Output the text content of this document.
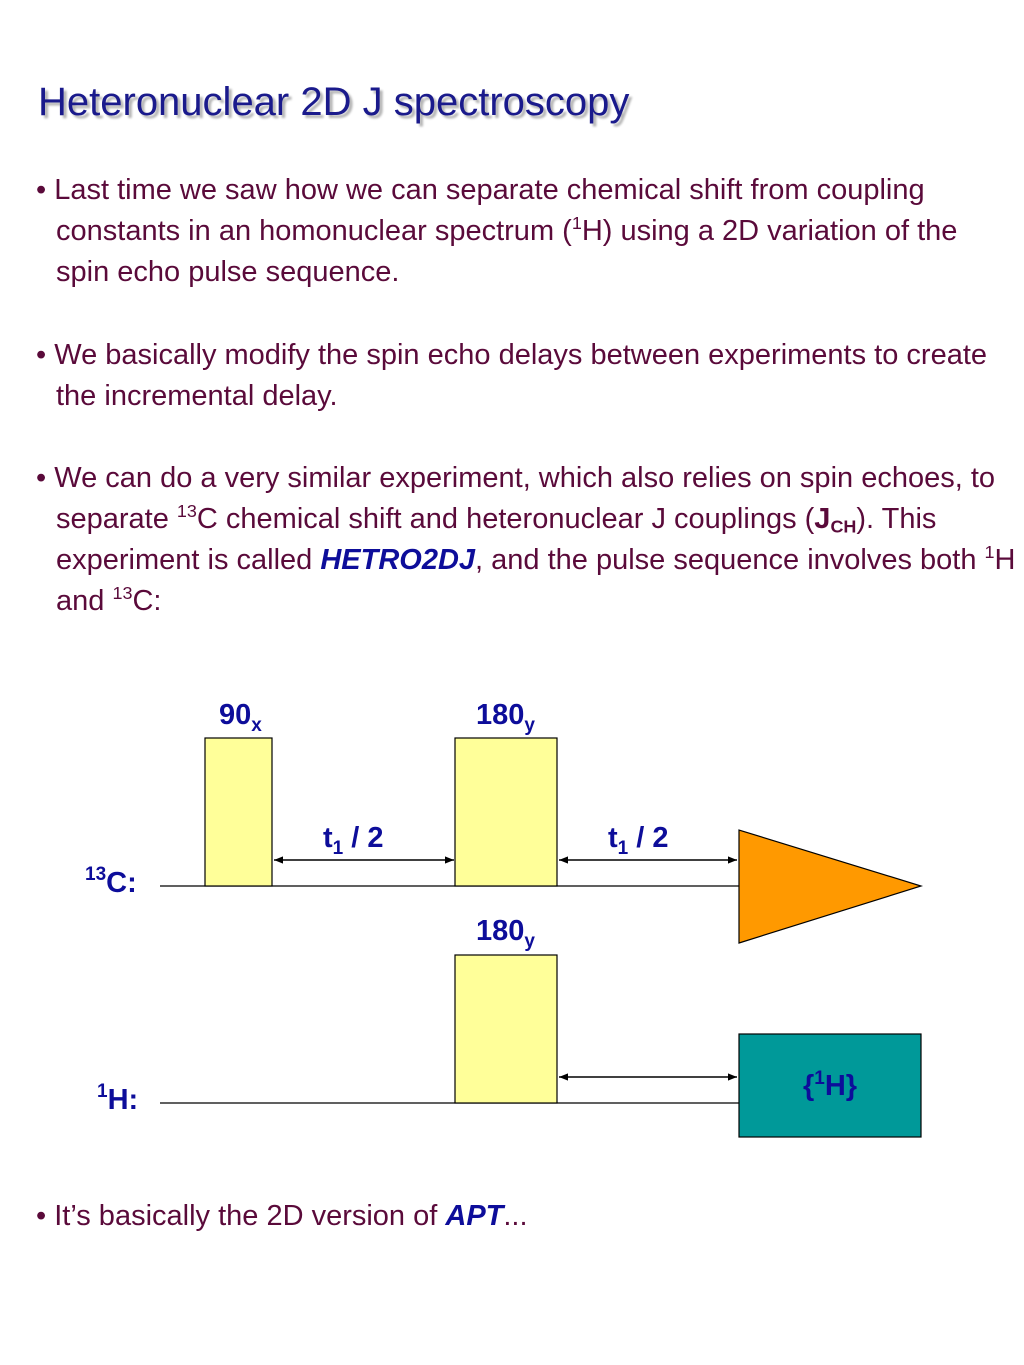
Heteronuclear 2D J spectroscopy

• Last time we saw how we can separate chemical shift from coupling constants in an homonuclear spectrum ($^1$H) using a 2D variation of the spin echo pulse sequence.

• We basically modify the spin echo delays between experiments to create the incremental delay.

• We can do a very similar experiment, which also relies on spin echoes, to separate $^{13}$C chemical shift and heteronuclear J couplings $(J_{CH})$. This experiment is called HETRO2DJ, and the pulse sequence involves both $^1$H and $^{13}$C:

$90_x$	$180_y$
$180_y$
$t_1 / 2$	$t_1 / 2$
$^{13}$C:
$^1$H:	{$^1$H}

• It’s basically the 2D version of APT...
